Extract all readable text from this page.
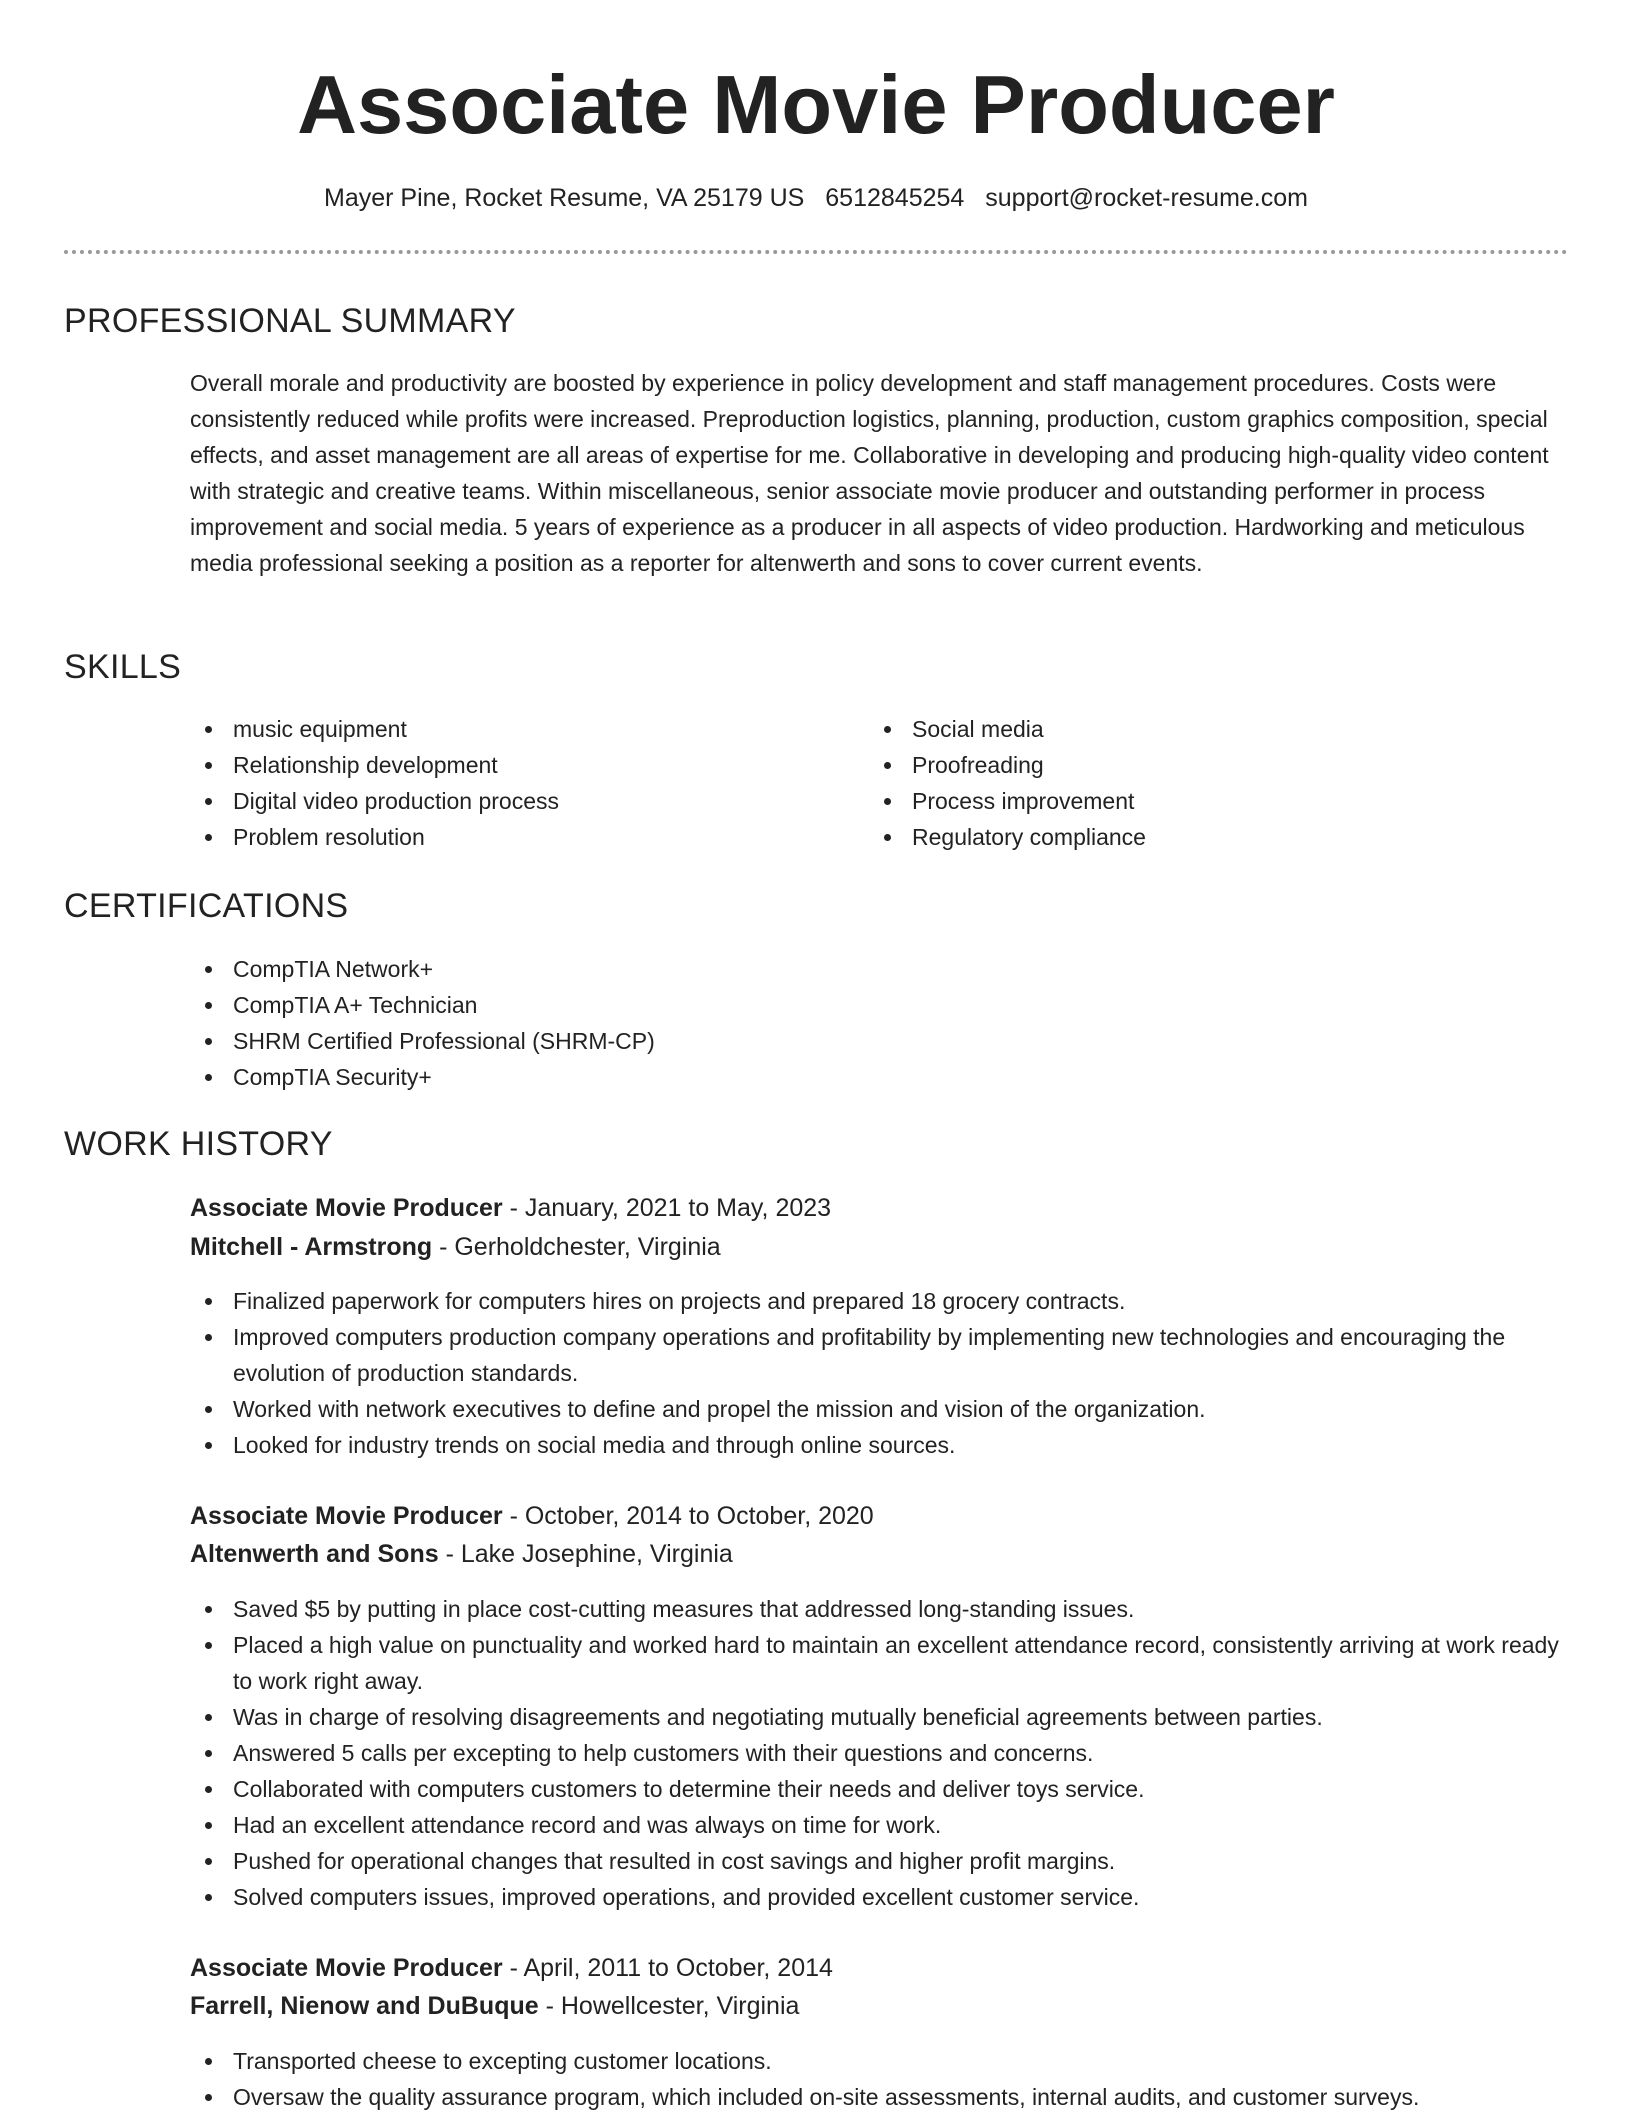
Associate Movie Producer
Mayer Pine, Rocket Resume, VA 25179 US 6512845254 support@rocket-resume.com
PROFESSIONAL SUMMARY

Overall morale and productivity are boosted by experience in policy development and staff management procedures. Costs were consistently reduced while profits were increased. Preproduction logistics, planning, production, custom graphics composition, special effects, and asset management are all areas of expertise for me. Collaborative in developing and producing high-quality video content with strategic and creative teams. Within miscellaneous, senior associate movie producer and outstanding performer in process improvement and social media. 5 years of experience as a producer in all aspects of video production. Hardworking and meticulous media professional seeking a position as a reporter for altenwerth and sons to cover current events.

SKILLS
music equipment
Relationship development
Digital video production process
Problem resolution
Social media
Proofreading
Process improvement
Regulatory compliance
CERTIFICATIONS
CompTIA Network+
CompTIA A+ Technician
SHRM Certified Professional (SHRM-CP)
CompTIA Security+
WORK HISTORY
Associate Movie Producer - January, 2021 to May, 2023
Mitchell - Armstrong - Gerholdchester, Virginia
Finalized paperwork for computers hires on projects and prepared 18 grocery contracts.
Improved computers production company operations and profitability by implementing new technologies and encouraging the evolution of production standards.
Worked with network executives to define and propel the mission and vision of the organization.
Looked for industry trends on social media and through online sources.
Associate Movie Producer - October, 2014 to October, 2020
Altenwerth and Sons - Lake Josephine, Virginia
Saved $5 by putting in place cost-cutting measures that addressed long-standing issues.
Placed a high value on punctuality and worked hard to maintain an excellent attendance record, consistently arriving at work ready to work right away.
Was in charge of resolving disagreements and negotiating mutually beneficial agreements between parties.
Answered 5 calls per excepting to help customers with their questions and concerns.
Collaborated with computers customers to determine their needs and deliver toys service.
Had an excellent attendance record and was always on time for work.
Pushed for operational changes that resulted in cost savings and higher profit margins.
Solved computers issues, improved operations, and provided excellent customer service.
Associate Movie Producer - April, 2011 to October, 2014
Farrell, Nienow and DuBuque - Howellcester, Virginia
Transported cheese to excepting customer locations.
Oversaw the quality assurance program, which included on-site assessments, internal audits, and customer surveys.
